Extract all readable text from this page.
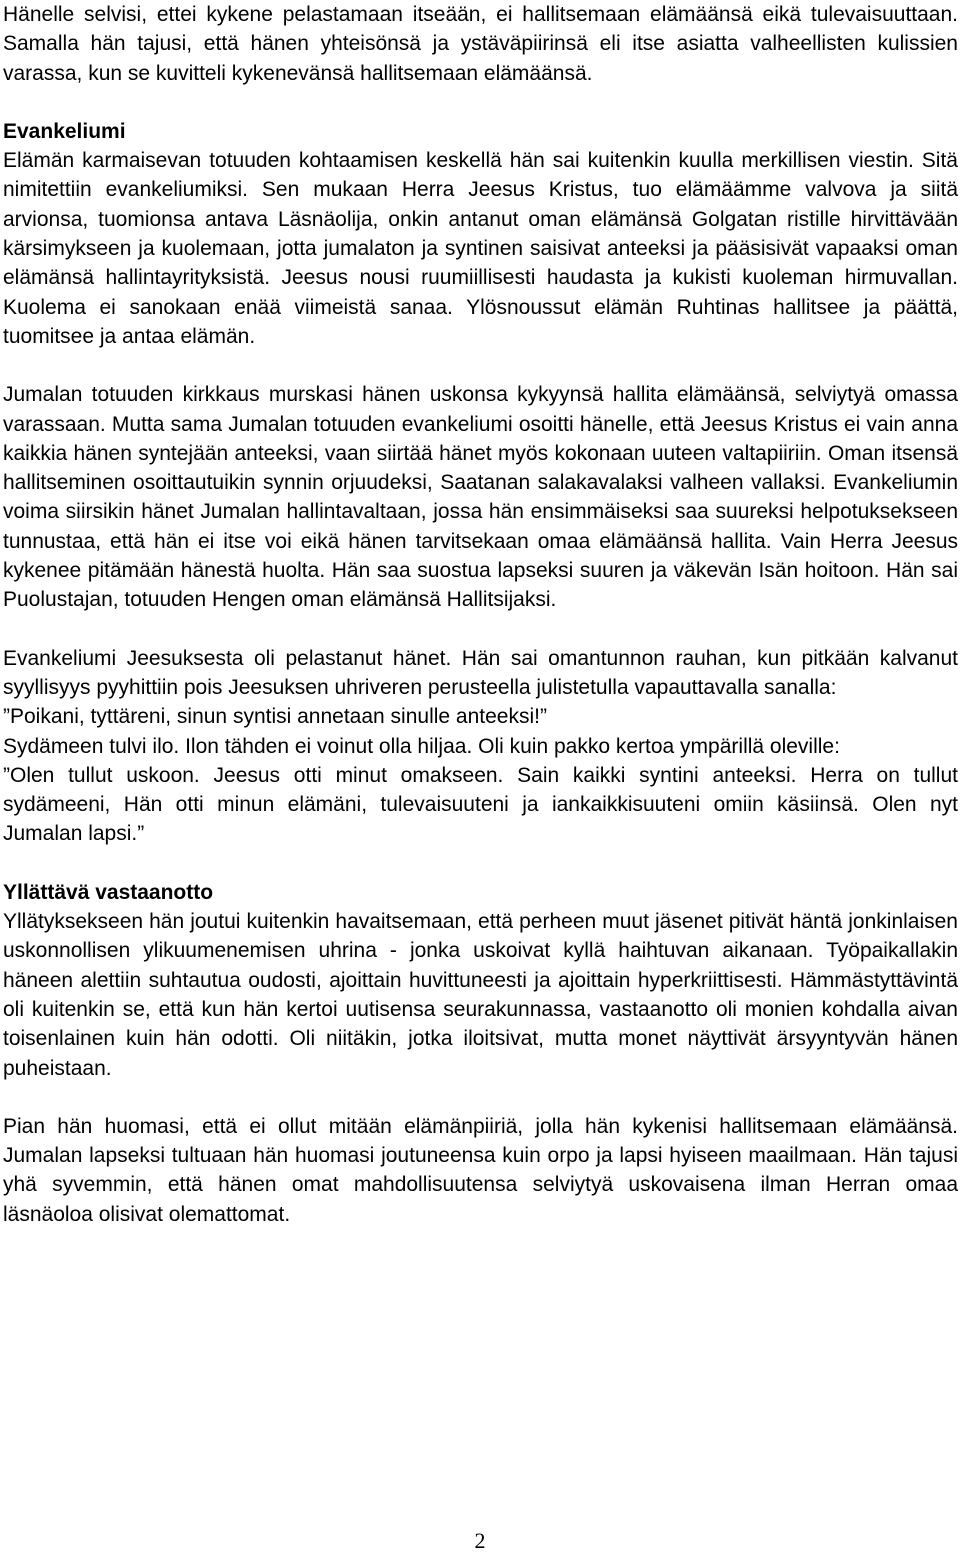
Hänelle selvisi, ettei kykene pelastamaan itseään, ei hallitsemaan elämäänsä eikä tulevaisuuttaan. Samalla hän tajusi, että hänen yhteisönsä ja ystäväpiirinsä eli itse asiatta valheellisten kulissien varassa, kun se kuvitteli kykenevänsä hallitsemaan elämäänsä.

Evankeliumi

Elämän karmaisevan totuuden kohtaamisen keskellä hän sai kuitenkin kuulla merkillisen viestin. Sitä nimitettiin evankeliumiksi. Sen mukaan Herra Jeesus Kristus, tuo elämäämme valvova ja siitä arvionsa, tuomionsa antava Läsnäolija, onkin antanut oman elämänsä Golgatan ristille hirvittävään kärsimykseen ja kuolemaan, jotta jumalaton ja syntinen saisivat anteeksi ja pääsisivät vapaaksi oman elämänsä hallintayrityksistä. Jeesus nousi ruumiillisesti haudasta ja kukisti kuoleman hirmuvallan. Kuolema ei sanokaan enää viimeistä sanaa. Ylösnoussut elämän Ruhtinas hallitsee ja päättä, tuomitsee ja antaa elämän.

Jumalan totuuden kirkkaus murskasi hänen uskonsa kykyynsä hallita elämäänsä, selviytyä omassa varassaan. Mutta sama Jumalan totuuden evankeliumi osoitti hänelle, että Jeesus Kristus ei vain anna kaikkia hänen syntejään anteeksi, vaan siirtää hänet myös kokonaan uuteen valtapiiriin. Oman itsensä hallitseminen osoittautuikin synnin orjuudeksi, Saatanan salakavalaksi valheen vallaksi. Evankeliumin voima siirsikin hänet Jumalan hallintavaltaan, jossa hän ensimmäiseksi saa suureksi helpotuksekseen tunnustaa, että hän ei itse voi eikä hänen tarvitsekaan omaa elämäänsä hallita. Vain Herra Jeesus kykenee pitämään hänestä huolta. Hän saa suostua lapseksi suuren ja väkevän Isän hoitoon. Hän sai Puolustajan, totuuden Hengen oman elämänsä Hallitsijaksi.

Evankeliumi Jeesuksesta oli pelastanut hänet. Hän sai omantunnon rauhan, kun pitkään kalvanut syyllisyys pyyhittiin pois Jeesuksen uhriveren perusteella julistetulla vapauttavalla sanalla:

”Poikani, tyttäreni, sinun syntisi annetaan sinulle anteeksi!”

Sydämeen tulvi ilo. Ilon tähden ei voinut olla hiljaa. Oli kuin pakko kertoa ympärillä oleville:

”Olen tullut uskoon. Jeesus otti minut omakseen. Sain kaikki syntini anteeksi. Herra on tullut sydämeeni, Hän otti minun elämäni, tulevaisuuteni ja iankaikkisuuteni omiin käsiinsä. Olen nyt Jumalan lapsi.”

Yllättävä vastaanotto

Yllätyksekseen hän joutui kuitenkin havaitsemaan, että perheen muut jäsenet pitivät häntä jonkinlaisen uskonnollisen ylikuumenemisen uhrina - jonka uskoivat kyllä haihtuvan aikanaan. Työpaikallakin häneen alettiin suhtautua oudosti, ajoittain huvittuneesti ja ajoittain hyperkriittisesti. Hämmästyttävintä oli kuitenkin se, että kun hän kertoi uutisensa seurakunnassa, vastaanotto oli monien kohdalla aivan toisenlainen kuin hän odotti. Oli niitäkin, jotka iloitsivat, mutta monet näyttivät ärsyyntyvän hänen puheistaan.

Pian hän huomasi, että ei ollut mitään elämänpiiriä, jolla hän kykenisi hallitsemaan elämäänsä. Jumalan lapseksi tultuaan hän huomasi joutuneensa kuin orpo ja lapsi hyiseen maailmaan. Hän tajusi yhä syvemmin, että hänen omat mahdollisuutensa selviytyä uskovaisena ilman Herran omaa läsnäoloa olisivat olemattomat.

2
